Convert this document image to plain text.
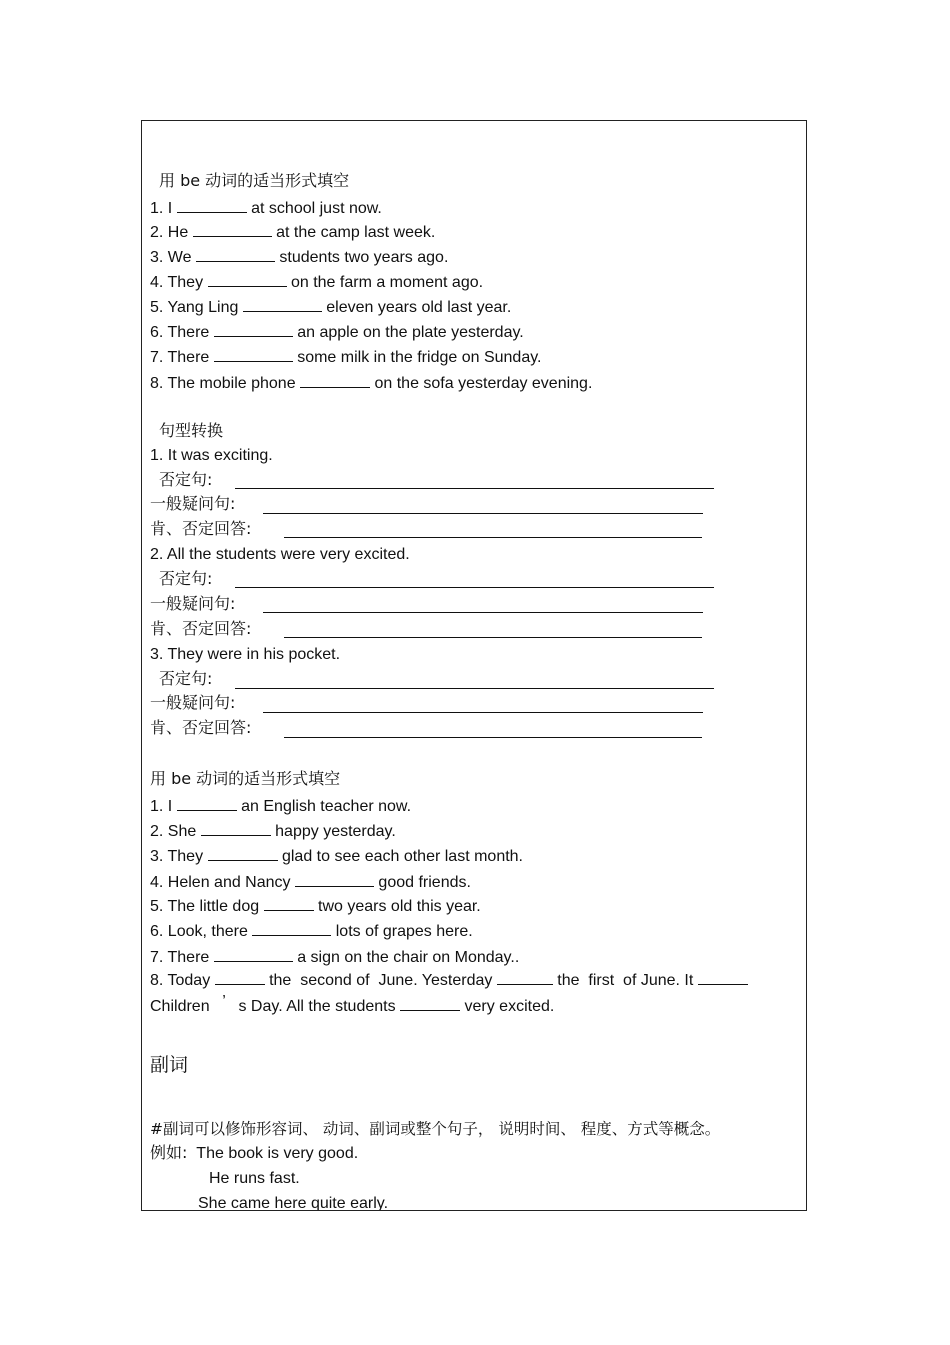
用 be 动词的适当形式填空
1. I	at school just now.
2. He	at the camp last week.
3. We	students two years ago.
4. They	on the farm a moment ago.
5. Yang Ling	eleven years old last year.
6. There	an apple on the plate yesterday.
7. There	some milk in the fridge on Sunday.
8. The mobile phone	on the sofa yesterday evening.
句型转换
1. It was exciting.
否定句:
一般疑问句:
肯、否定回答:
2. All the students were very excited.
否定句:
一般疑问句:
肯、否定回答:
3. They were in his pocket.
否定句:
一般疑问句:
肯、否定回答:
用 be 动词的适当形式填空
1. I	an English teacher now.
2. She	happy yesterday.
3. They	glad to see each other last month.
4. Helen and Nancy	good friends.
5. The little dog	two years old this year.
6. Look, there	lots of grapes here.
7. There	a sign on the chair on Monday..
8. Today	the  second of  June. Yesterday	the  first  of June. It
Children ’ s Day. All the students	very excited.
副词
#副词可以修饰形容词、 动词、副词或整个句子， 说明时间、 程度、方式等概念。
例如: The book is very good.
He runs fast.
She came here quite early.
